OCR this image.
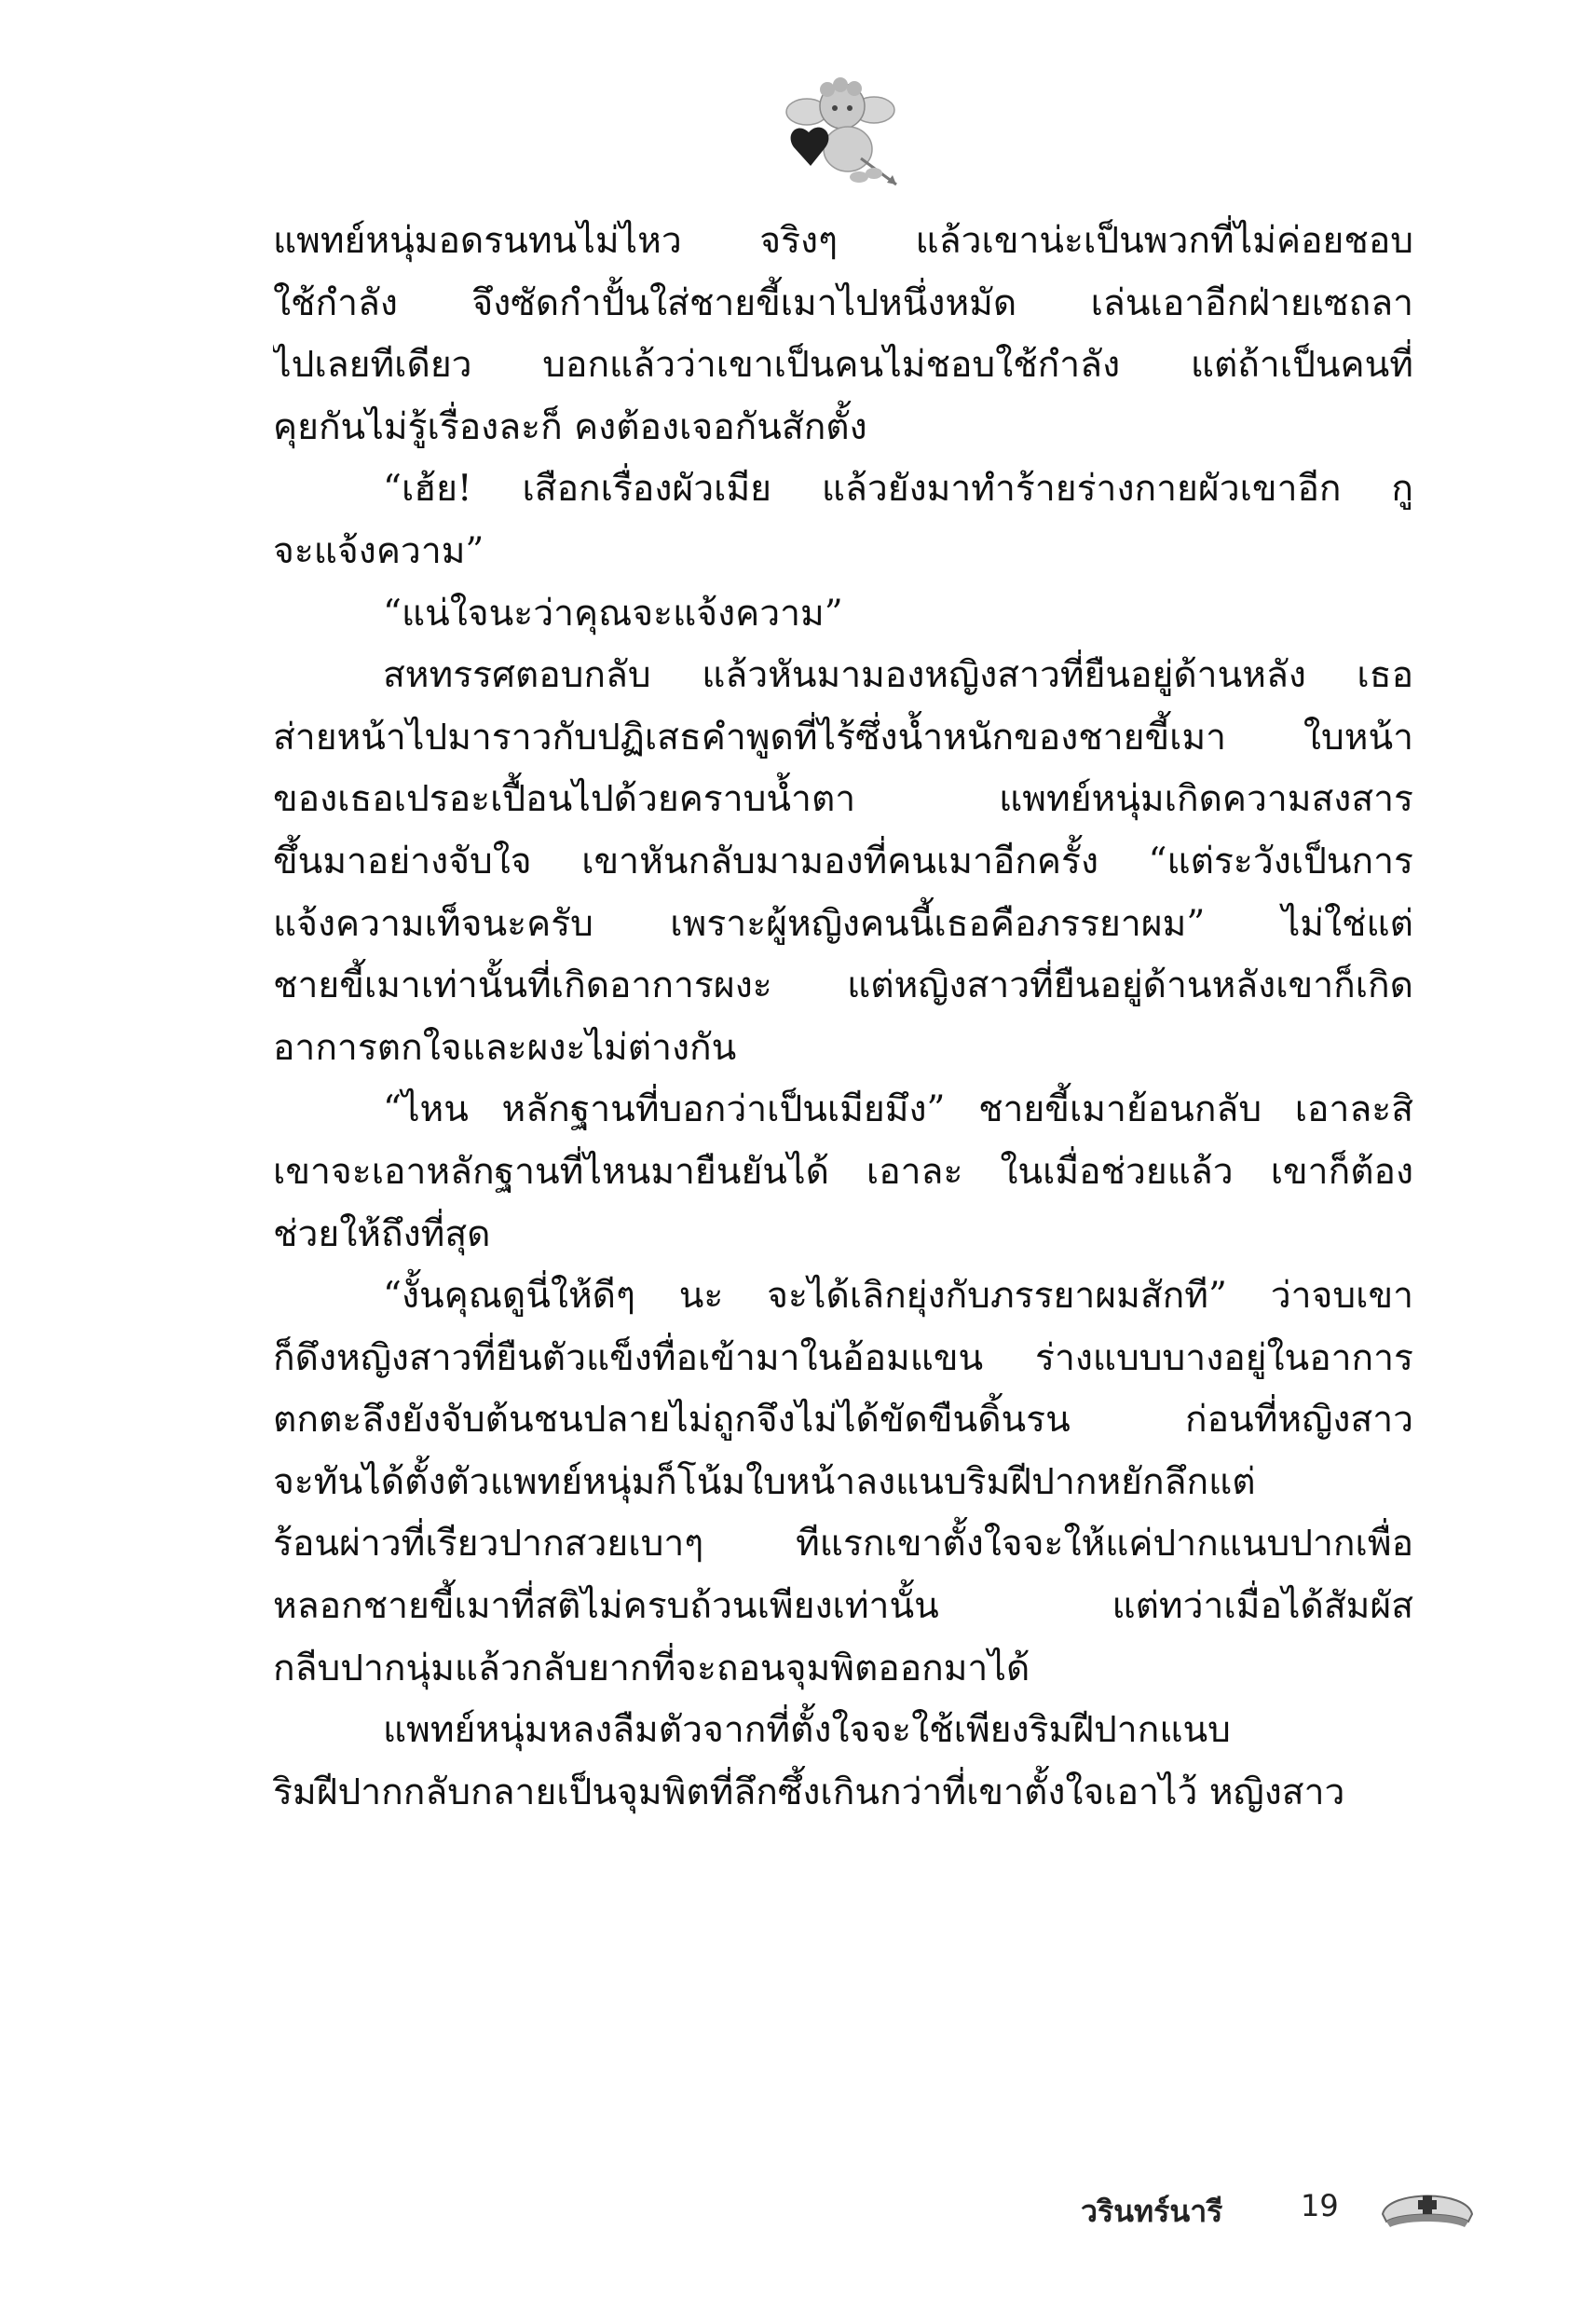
แพทย์หนุ่มอดรนทนไม่ไหว จริงๆ แล้วเขาน่ะเป็นพวกที่ไม่ค่อยชอบ
ใช้กำลัง จึงซัดกำปั้นใส่ชายขี้เมาไปหนึ่งหมัด เล่นเอาอีกฝ่ายเซถลา
ไปเลยทีเดียว บอกแล้วว่าเขาเป็นคนไม่ชอบใช้กำลัง แต่ถ้าเป็นคนที่
คุยกันไม่รู้เรื่องละก็ คงต้องเจอกันสักตั้ง
“เฮ้ย! เสือกเรื่องผัวเมีย แล้วยังมาทำร้ายร่างกายผัวเขาอีก กู
จะแจ้งความ”
“แน่ใจนะว่าคุณจะแจ้งความ”
สหทรรศตอบกลับ แล้วหันมามองหญิงสาวที่ยืนอยู่ด้านหลัง เธอ
ส่ายหน้าไปมาราวกับปฏิเสธคำพูดที่ไร้ซึ่งน้ำหนักของชายขี้เมา ใบหน้า
ของเธอเปรอะเปื้อนไปด้วยคราบน้ำตา แพทย์หนุ่มเกิดความสงสาร
ขึ้นมาอย่างจับใจ เขาหันกลับมามองที่คนเมาอีกครั้ง “แต่ระวังเป็นการ
แจ้งความเท็จนะครับ เพราะผู้หญิงคนนี้เธอคือภรรยาผม” ไม่ใช่แต่
ชายขี้เมาเท่านั้นที่เกิดอาการผงะ แต่หญิงสาวที่ยืนอยู่ด้านหลังเขาก็เกิด
อาการตกใจและผงะไม่ต่างกัน
“ไหน หลักฐานที่บอกว่าเป็นเมียมึง” ชายขี้เมาย้อนกลับ เอาละสิ
เขาจะเอาหลักฐานที่ไหนมายืนยันได้ เอาละ ในเมื่อช่วยแล้ว เขาก็ต้อง
ช่วยให้ถึงที่สุด
“งั้นคุณดูนี่ให้ดีๆ นะ จะได้เลิกยุ่งกับภรรยาผมสักที” ว่าจบเขา
ก็ดึงหญิงสาวที่ยืนตัวแข็งทื่อเข้ามาในอ้อมแขน ร่างแบบบางอยู่ในอาการ
ตกตะลึงยังจับต้นชนปลายไม่ถูกจึงไม่ได้ขัดขืนดิ้นรน ก่อนที่หญิงสาว
จะทันได้ตั้งตัวแพทย์หนุ่มก็โน้มใบหน้าลงแนบริมฝีปากหยักลึกแต่
ร้อนผ่าวที่เรียวปากสวยเบาๆ ทีแรกเขาตั้งใจจะให้แค่ปากแนบปากเพื่อ
หลอกชายขี้เมาที่สติไม่ครบถ้วนเพียงเท่านั้น แต่ทว่าเมื่อได้สัมผัส
กลีบปากนุ่มแล้วกลับยากที่จะถอนจุมพิตออกมาได้
แพทย์หนุ่มหลงลืมตัวจากที่ตั้งใจจะใช้เพียงริมฝีปากแนบ
ริมฝีปากกลับกลายเป็นจุมพิตที่ลึกซึ้งเกินกว่าที่เขาตั้งใจเอาไว้ หญิงสาว
วรินทร์นารี	19
